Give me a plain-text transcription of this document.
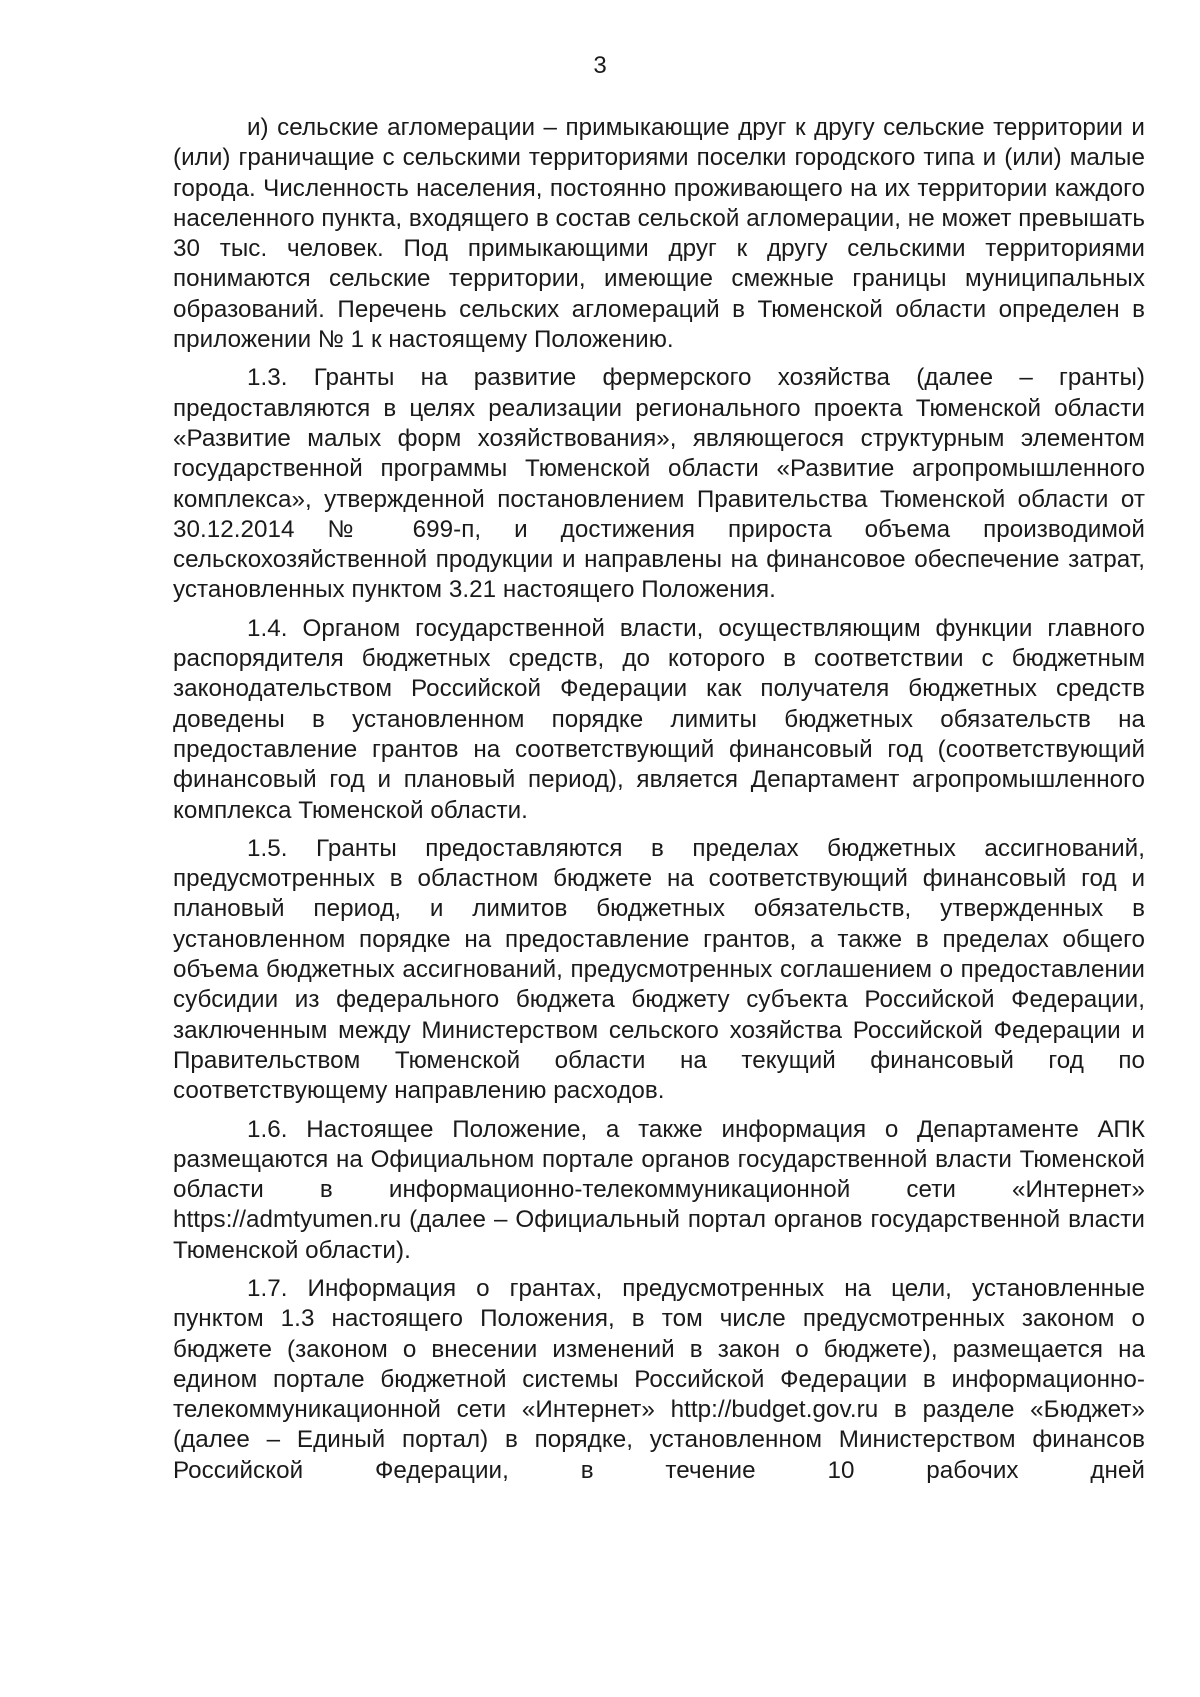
3

и) сельские агломерации – примыкающие друг к другу сельские территории и (или) граничащие с сельскими территориями поселки городского типа и (или) малые города. Численность населения, постоянно проживающего на их территории каждого населенного пункта, входящего в состав сельской агломерации, не может превышать 30 тыс. человек. Под примыкающими друг к другу сельскими территориями понимаются сельские территории, имеющие смежные границы муниципальных образований. Перечень сельских агломераций в Тюменской области определен в приложении № 1 к настоящему Положению.

1.3. Гранты на развитие фермерского хозяйства (далее – гранты) предоставляются в целях реализации регионального проекта Тюменской области «Развитие малых форм хозяйствования», являющегося структурным элементом государственной программы Тюменской области «Развитие агропромышленного комплекса», утвержденной постановлением Правительства Тюменской области от 30.12.2014 № 699-п, и достижения прироста объема производимой сельскохозяйственной продукции и направлены на финансовое обеспечение затрат, установленных пунктом 3.21 настоящего Положения.

1.4. Органом государственной власти, осуществляющим функции главного распорядителя бюджетных средств, до которого в соответствии с бюджетным законодательством Российской Федерации как получателя бюджетных средств доведены в установленном порядке лимиты бюджетных обязательств на предоставление грантов на соответствующий финансовый год (соответствующий финансовый год и плановый период), является Департамент агропромышленного комплекса Тюменской области.

1.5. Гранты предоставляются в пределах бюджетных ассигнований, предусмотренных в областном бюджете на соответствующий финансовый год и плановый период, и лимитов бюджетных обязательств, утвержденных в установленном порядке на предоставление грантов, а также в пределах общего объема бюджетных ассигнований, предусмотренных соглашением о предоставлении субсидии из федерального бюджета бюджету субъекта Российской Федерации, заключенным между Министерством сельского хозяйства Российской Федерации и Правительством Тюменской области на текущий финансовый год по соответствующему направлению расходов.

1.6. Настоящее Положение, а также информация о Департаменте АПК размещаются на Официальном портале органов государственной власти Тюменской области в информационно-телекоммуникационной сети «Интернет» https://admtyumen.ru (далее – Официальный портал органов государственной власти Тюменской области).

1.7. Информация о грантах, предусмотренных на цели, установленные пунктом 1.3 настоящего Положения, в том числе предусмотренных законом о бюджете (законом о внесении изменений в закон о бюджете), размещается на едином портале бюджетной системы Российской Федерации в информационно-телекоммуникационной сети «Интернет» http://budget.gov.ru в разделе «Бюджет» (далее – Единый портал) в порядке, установленном Министерством финансов Российской Федерации, в течение 10 рабочих дней
